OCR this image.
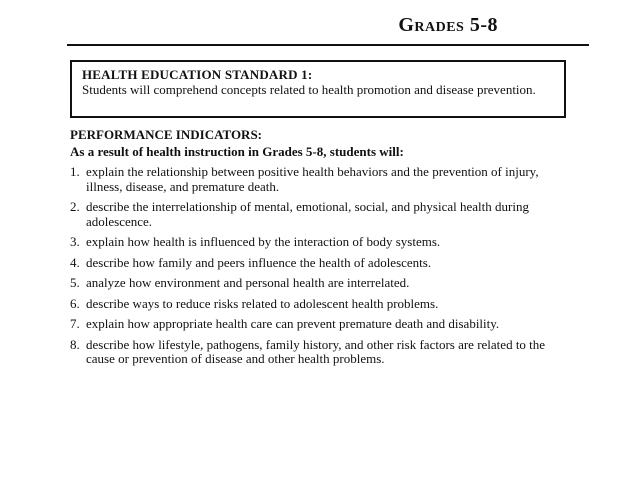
Grades 5-8
HEALTH EDUCATION STANDARD 1:
Students will comprehend concepts related to health promotion and disease prevention.
PERFORMANCE INDICATORS:
As a result of health instruction in Grades 5-8, students will:
1. explain the relationship between positive health behaviors and the prevention of injury, illness, disease, and premature death.
2. describe the interrelationship of mental, emotional, social, and physical health during adolescence.
3. explain how health is influenced by the interaction of body systems.
4. describe how family and peers influence the health of adolescents.
5. analyze how environment and personal health are interrelated.
6. describe ways to reduce risks related to adolescent health problems.
7. explain how appropriate health care can prevent premature death and disability.
8. describe how lifestyle, pathogens, family history, and other risk factors are related to the cause or prevention of disease and other health problems.
